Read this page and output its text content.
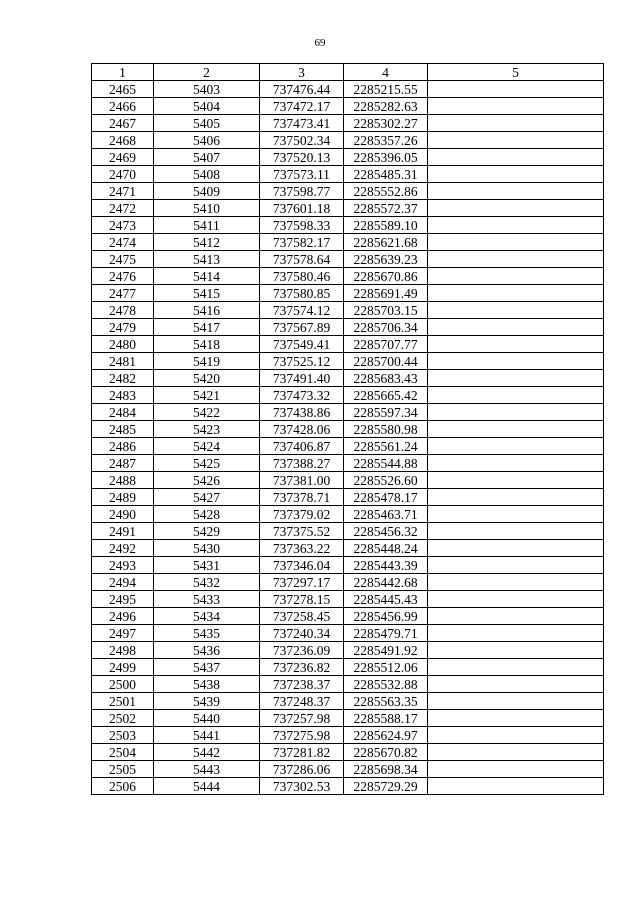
69
1	2	3	4	5
2465	5403	737476.44	2285215.55	
2466	5404	737472.17	2285282.63	
2467	5405	737473.41	2285302.27	
2468	5406	737502.34	2285357.26	
2469	5407	737520.13	2285396.05	
2470	5408	737573.11	2285485.31	
2471	5409	737598.77	2285552.86	
2472	5410	737601.18	2285572.37	
2473	5411	737598.33	2285589.10	
2474	5412	737582.17	2285621.68	
2475	5413	737578.64	2285639.23	
2476	5414	737580.46	2285670.86	
2477	5415	737580.85	2285691.49	
2478	5416	737574.12	2285703.15	
2479	5417	737567.89	2285706.34	
2480	5418	737549.41	2285707.77	
2481	5419	737525.12	2285700.44	
2482	5420	737491.40	2285683.43	
2483	5421	737473.32	2285665.42	
2484	5422	737438.86	2285597.34	
2485	5423	737428.06	2285580.98	
2486	5424	737406.87	2285561.24	
2487	5425	737388.27	2285544.88	
2488	5426	737381.00	2285526.60	
2489	5427	737378.71	2285478.17	
2490	5428	737379.02	2285463.71	
2491	5429	737375.52	2285456.32	
2492	5430	737363.22	2285448.24	
2493	5431	737346.04	2285443.39	
2494	5432	737297.17	2285442.68	
2495	5433	737278.15	2285445.43	
2496	5434	737258.45	2285456.99	
2497	5435	737240.34	2285479.71	
2498	5436	737236.09	2285491.92	
2499	5437	737236.82	2285512.06	
2500	5438	737238.37	2285532.88	
2501	5439	737248.37	2285563.35	
2502	5440	737257.98	2285588.17	
2503	5441	737275.98	2285624.97	
2504	5442	737281.82	2285670.82	
2505	5443	737286.06	2285698.34	
2506	5444	737302.53	2285729.29	
